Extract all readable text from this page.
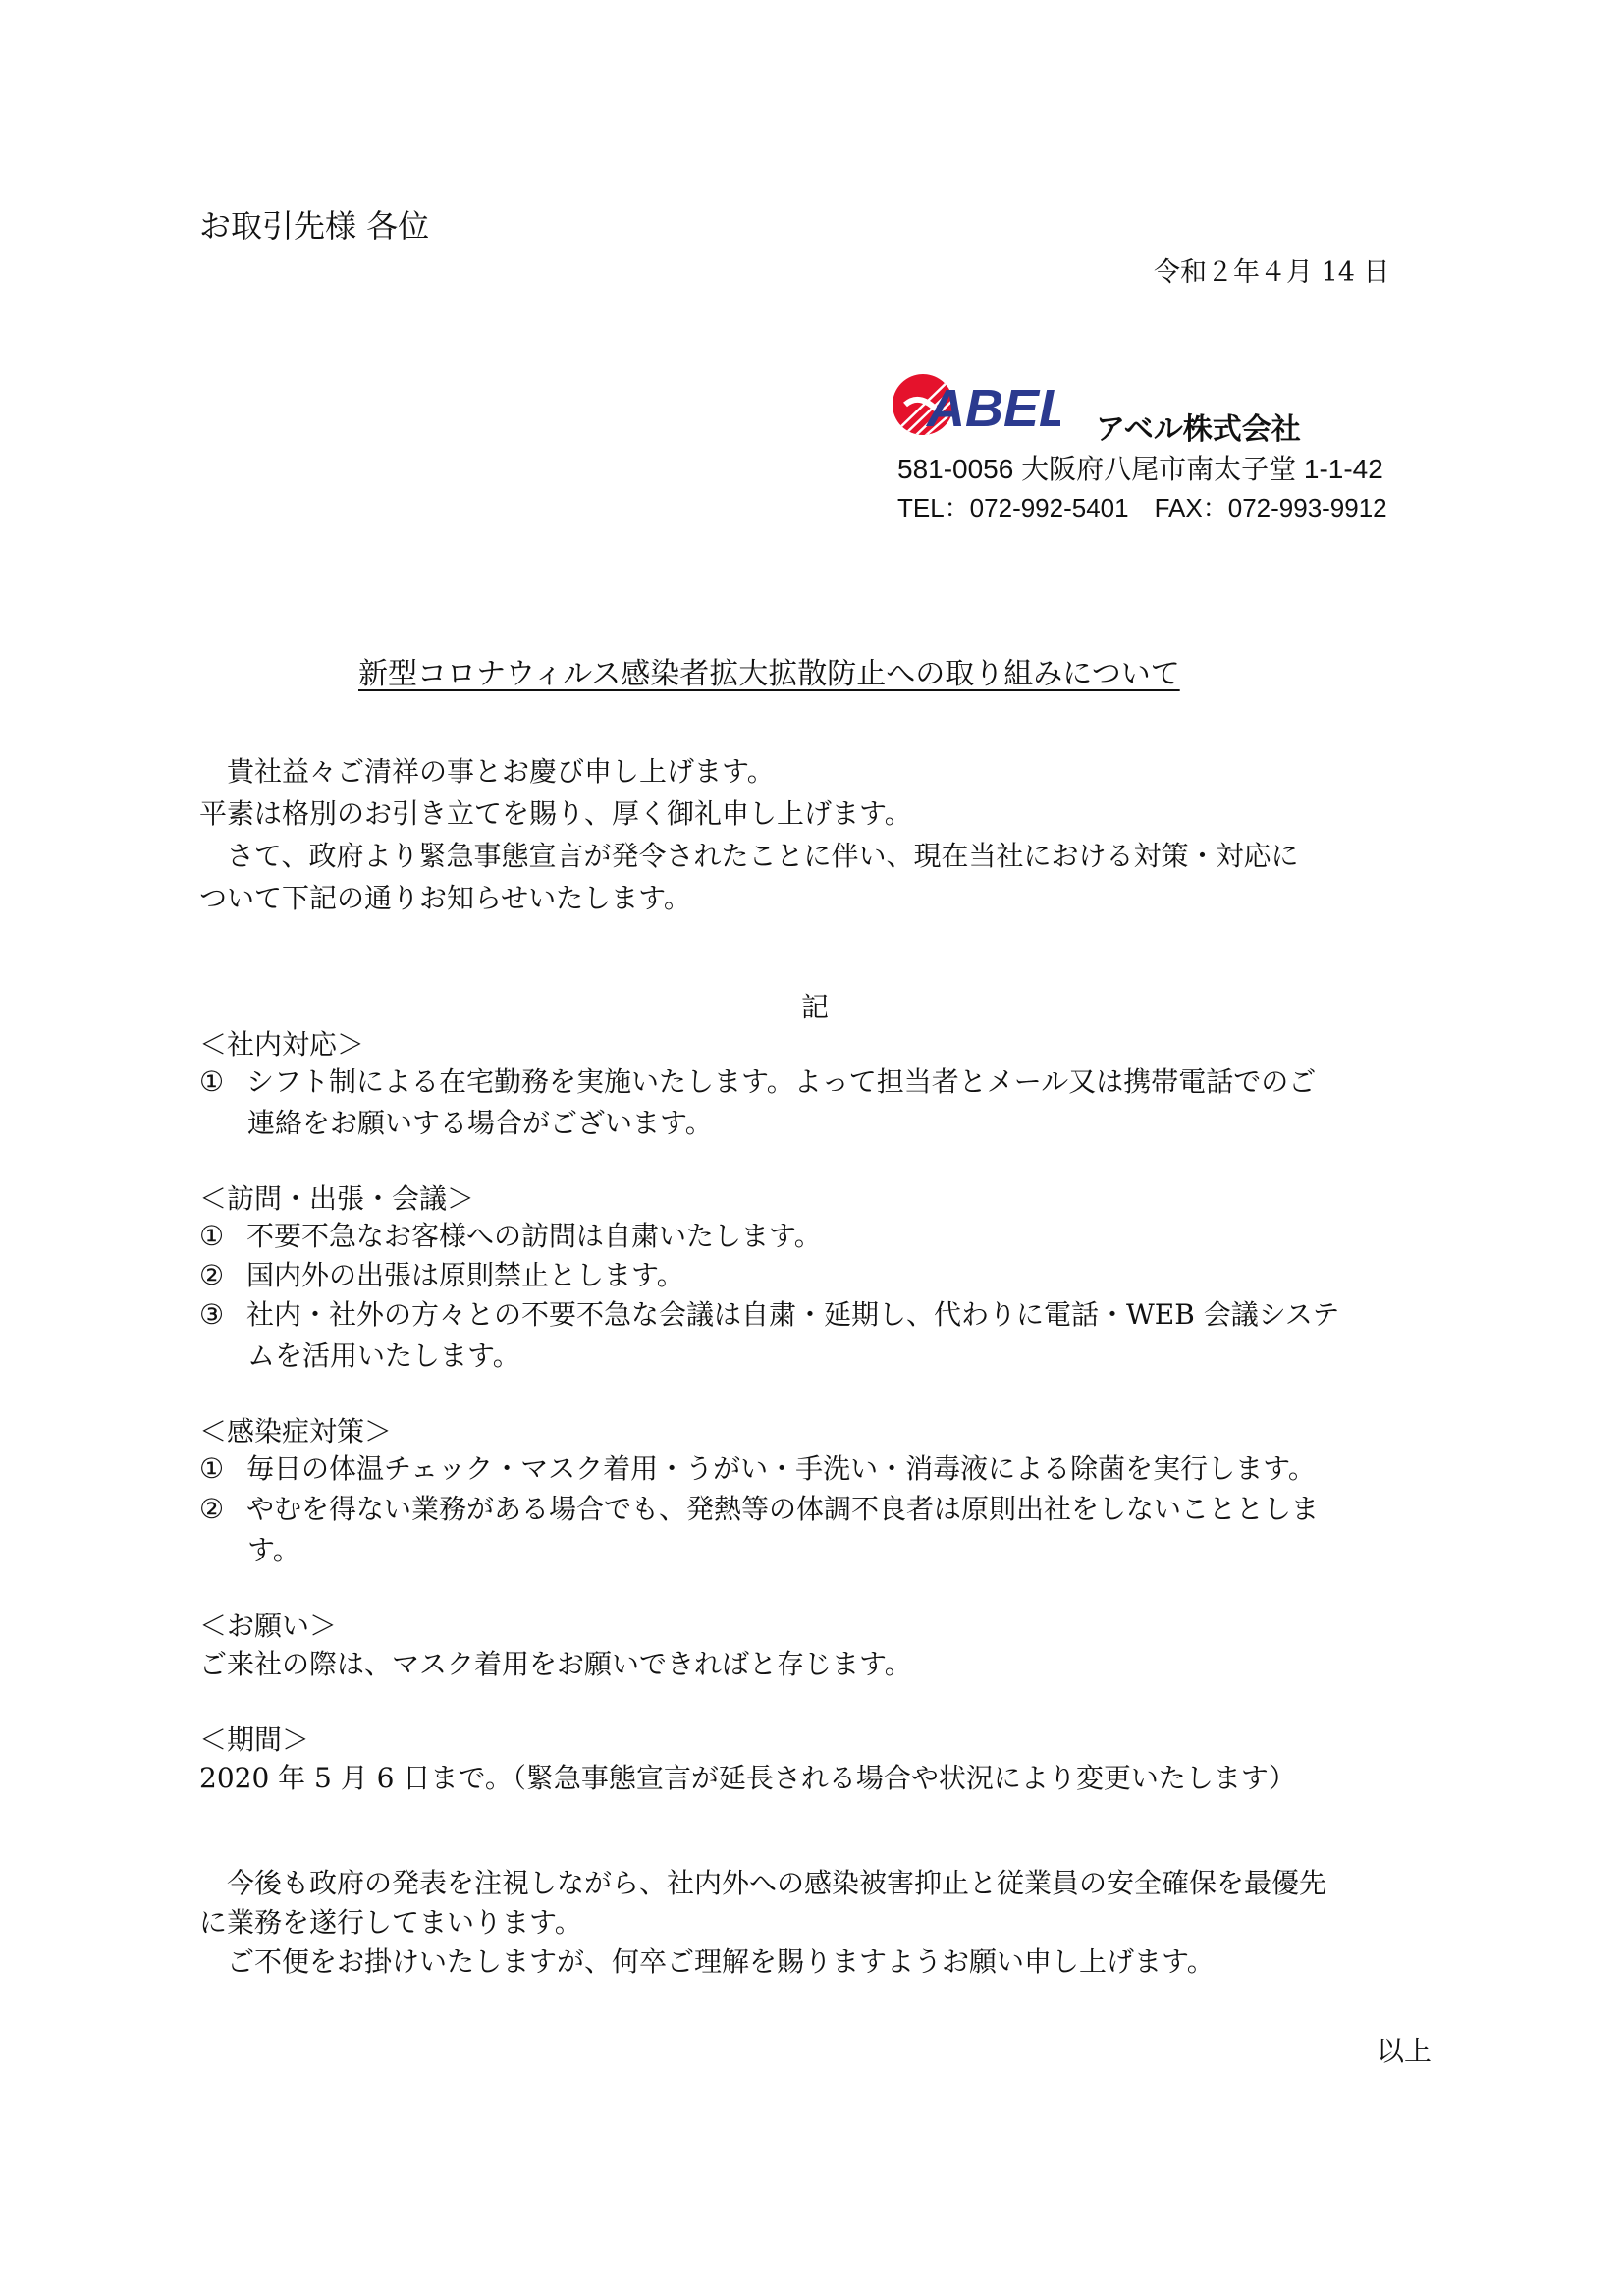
お取引先様 各位
令和２年４月 14 日
ABEL アベル株式会社
581-0056 大阪府八尾市南太子堂 1-1-42
TEL：072-992-5401　FAX：072-993-9912
新型コロナウィルス感染者拡大拡散防止への取り組みについて
　貴社益々ご清祥の事とお慶び申し上げます。
平素は格別のお引き立てを賜り、厚く御礼申し上げます。
　さて、政府より緊急事態宣言が発令されたことに伴い、現在当社における対策・対応に
ついて下記の通りお知らせいたします。
記
＜社内対応＞
① シフト制による在宅勤務を実施いたします。よって担当者とメール又は携帯電話でのご
連絡をお願いする場合がございます。
＜訪問・出張・会議＞
① 不要不急なお客様への訪問は自粛いたします。
② 国内外の出張は原則禁止とします。
③ 社内・社外の方々との不要不急な会議は自粛・延期し、代わりに電話・WEB 会議システ
ムを活用いたします。
＜感染症対策＞
① 毎日の体温チェック・マスク着用・うがい・手洗い・消毒液による除菌を実行します。
② やむを得ない業務がある場合でも、発熱等の体調不良者は原則出社をしないこととしま
す。
＜お願い＞
ご来社の際は、マスク着用をお願いできればと存じます。
＜期間＞
2020 年 5 月 6 日まで。（緊急事態宣言が延長される場合や状況により変更いたします）
　今後も政府の発表を注視しながら、社内外への感染被害抑止と従業員の安全確保を最優先
に業務を遂行してまいります。
　ご不便をお掛けいたしますが、何卒ご理解を賜りますようお願い申し上げます。
以上
